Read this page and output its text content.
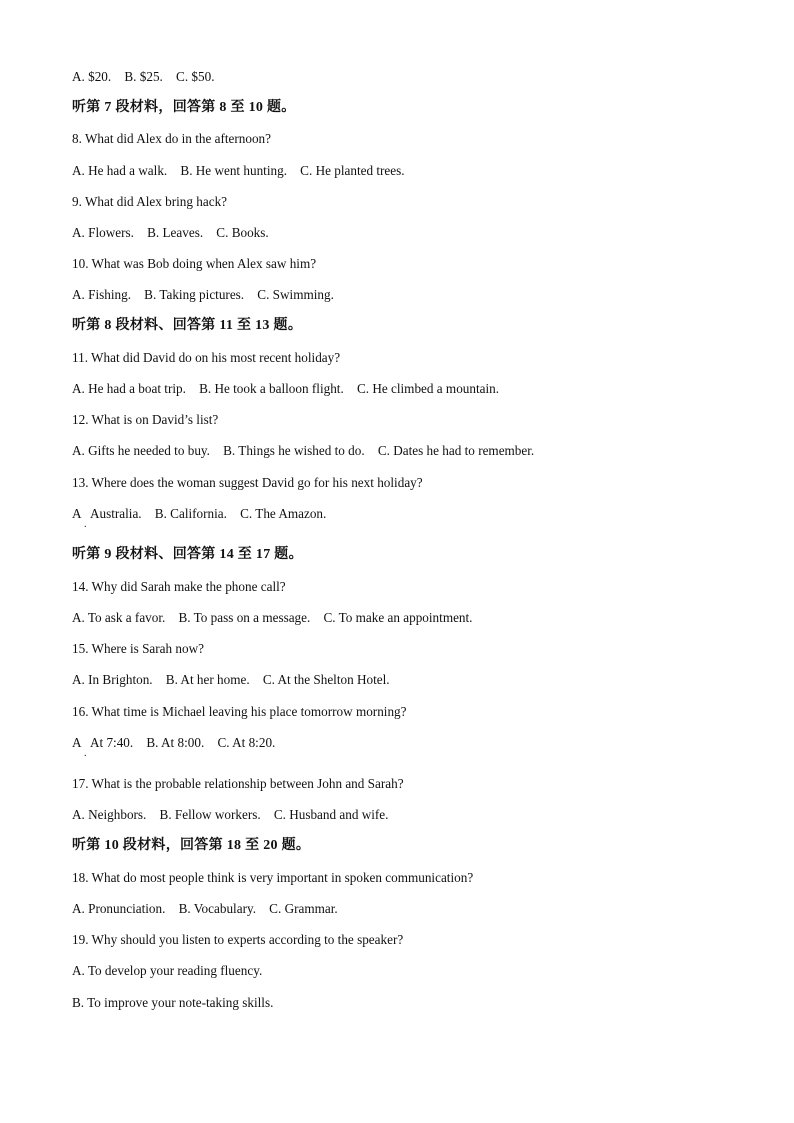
A. $20.    B. $25.    C. $50.
听第 7 段材料，回答第 8 至 10 题。
8. What did Alex do in the afternoon?
A. He had a walk.    B. He went hunting.    C. He planted trees.
9. What did Alex bring hack?
A. Flowers.    B. Leaves.    C. Books.
10. What was Bob doing when Alex saw him?
A. Fishing.    B. Taking pictures.    C. Swimming.
听第 8 段材料、回答第 11 至 13 题。
11. What did David do on his most recent holiday?
A. He had a boat trip.    B. He took a balloon flight.    C. He climbed a mountain.
12. What is on David’s list?
A. Gifts he needed to buy.    B. Things he wished to do.    C. Dates he had to remember.
13. Where does the woman suggest David go for his next holiday?
A   Australia.    B. California.    C. The Amazon.
.
听第 9 段材料、回答第 14 至 17 题。
14. Why did Sarah make the phone call?
A. To ask a favor.    B. To pass on a message.    C. To make an appointment.
15. Where is Sarah now?
A. In Brighton.    B. At her home.    C. At the Shelton Hotel.
16. What time is Michael leaving his place tomorrow morning?
A   At 7:40.    B. At 8:00.    C. At 8:20.
.
17. What is the probable relationship between John and Sarah?
A. Neighbors.    B. Fellow workers.    C. Husband and wife.
听第 10 段材料，回答第 18 至 20 题。
18. What do most people think is very important in spoken communication?
A. Pronunciation.    B. Vocabulary.    C. Grammar.
19. Why should you listen to experts according to the speaker?
A. To develop your reading fluency.
B. To improve your note-taking skills.
